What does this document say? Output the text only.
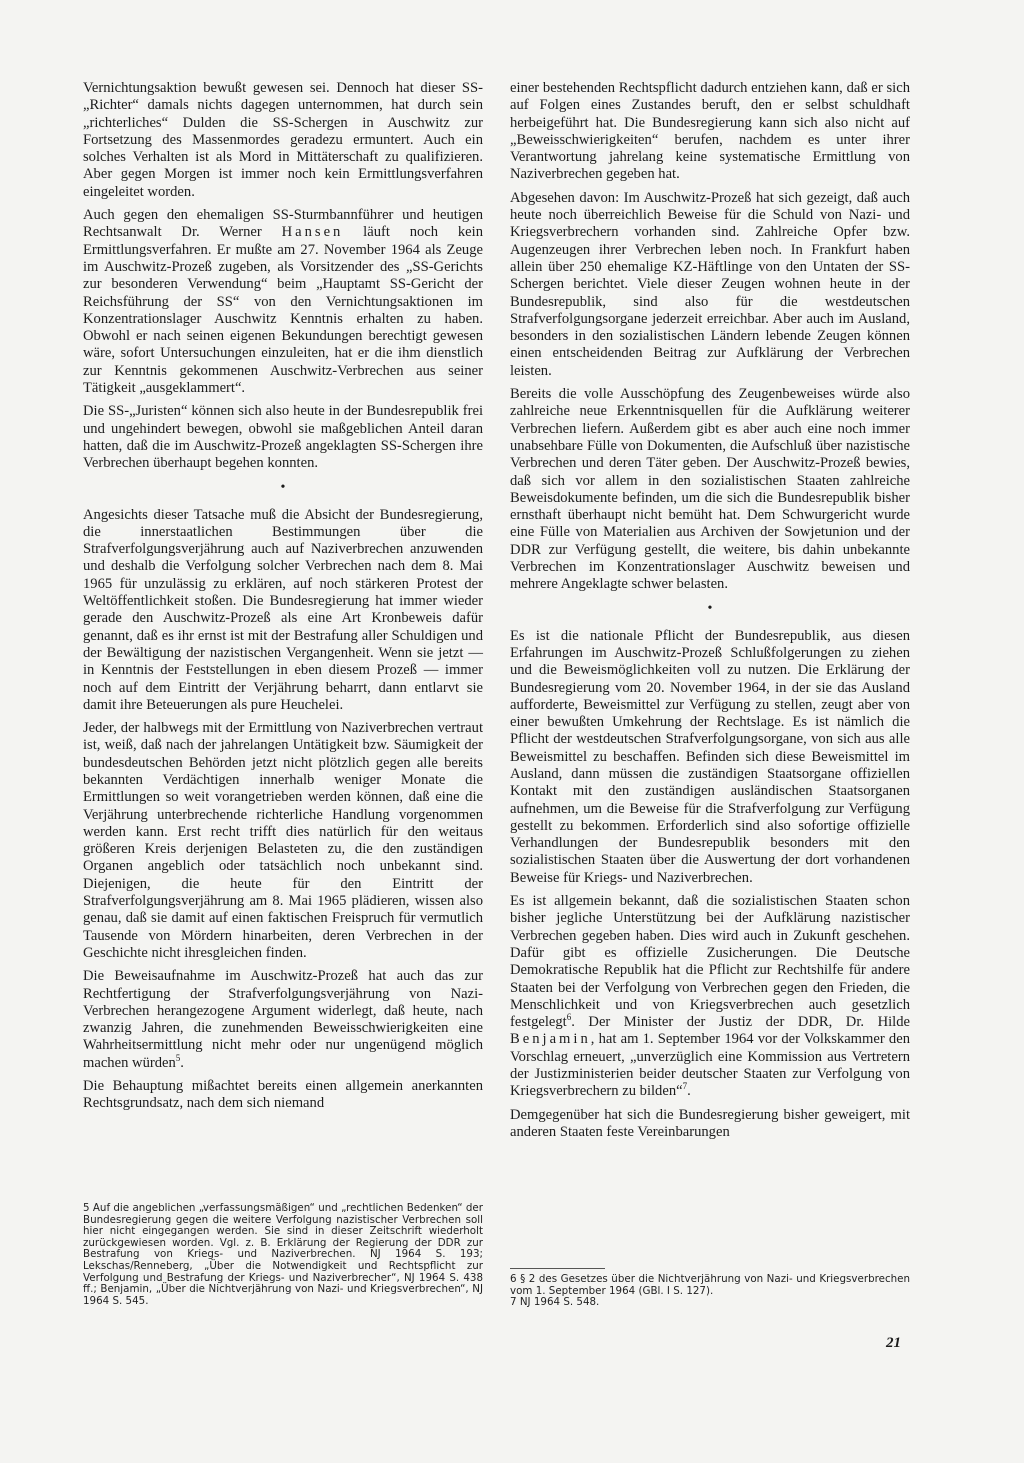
Vernichtungsaktion bewußt gewesen sei. Dennoch hat dieser SS-„Richter“ damals nichts dagegen unternommen, hat durch sein „richterliches“ Dulden die SS-Schergen in Auschwitz zur Fortsetzung des Massenmordes geradezu ermuntert. Auch ein solches Verhalten ist als Mord in Mittäterschaft zu qualifizieren. Aber gegen Morgen ist immer noch kein Ermittlungsverfahren eingeleitet worden.

Auch gegen den ehemaligen SS-Sturmbannführer und heutigen Rechtsanwalt Dr. Werner Hansen läuft noch kein Ermittlungsverfahren. Er mußte am 27. November 1964 als Zeuge im Auschwitz-Prozeß zugeben, als Vorsitzender des „SS-Gerichts zur besonderen Verwendung“ beim „Hauptamt SS-Gericht der Reichsführung der SS“ von den Vernichtungsaktionen im Konzentrationslager Auschwitz Kenntnis erhalten zu haben. Obwohl er nach seinen eigenen Bekundungen berechtigt gewesen wäre, sofort Untersuchungen einzuleiten, hat er die ihm dienstlich zur Kenntnis gekommenen Auschwitz-Verbrechen aus seiner Tätigkeit „ausgeklammert“.

Die SS-„Juristen“ können sich also heute in der Bundesrepublik frei und ungehindert bewegen, obwohl sie maßgeblichen Anteil daran hatten, daß die im Auschwitz-Prozeß angeklagten SS-Schergen ihre Verbrechen überhaupt begehen konnten.

•

Angesichts dieser Tatsache muß die Absicht der Bundesregierung, die innerstaatlichen Bestimmungen über die Strafverfolgungsverjährung auch auf Naziverbrechen anzuwenden und deshalb die Verfolgung solcher Verbrechen nach dem 8. Mai 1965 für unzulässig zu erklären, auf noch stärkeren Protest der Weltöffentlichkeit stoßen. Die Bundesregierung hat immer wieder gerade den Auschwitz-Prozeß als eine Art Kronbeweis dafür genannt, daß es ihr ernst ist mit der Bestrafung aller Schuldigen und der Bewältigung der nazistischen Vergangenheit. Wenn sie jetzt — in Kenntnis der Feststellungen in eben diesem Prozeß — immer noch auf dem Eintritt der Verjährung beharrt, dann entlarvt sie damit ihre Beteuerungen als pure Heuchelei.

Jeder, der halbwegs mit der Ermittlung von Naziverbrechen vertraut ist, weiß, daß nach der jahrelangen Untätigkeit bzw. Säumigkeit der bundesdeutschen Behörden jetzt nicht plötzlich gegen alle bereits bekannten Verdächtigen innerhalb weniger Monate die Ermittlungen so weit vorangetrieben werden können, daß eine die Verjährung unterbrechende richterliche Handlung vorgenommen werden kann. Erst recht trifft dies natürlich für den weitaus größeren Kreis derjenigen Belasteten zu, die den zuständigen Organen angeblich oder tatsächlich noch unbekannt sind. Diejenigen, die heute für den Eintritt der Strafverfolgungsverjährung am 8. Mai 1965 plädieren, wissen also genau, daß sie damit auf einen faktischen Freispruch für vermutlich Tausende von Mördern hinarbeiten, deren Verbrechen in der Geschichte nicht ihresgleichen finden.

Die Beweisaufnahme im Auschwitz-Prozeß hat auch das zur Rechtfertigung der Strafverfolgungsverjährung von Nazi-Verbrechen herangezogene Argument widerlegt, daß heute, nach zwanzig Jahren, die zunehmenden Beweisschwierigkeiten eine Wahrheitsermittlung nicht mehr oder nur ungenügend möglich machen würden$^5$.

Die Behauptung mißachtet bereits einen allgemein anerkannten Rechtsgrundsatz, nach dem sich niemand

5 Auf die angeblichen „verfassungsmäßigen“ und „rechtlichen Bedenken“ der Bundesregierung gegen die weitere Verfolgung nazistischer Verbrechen soll hier nicht eingegangen werden. Sie sind in dieser Zeitschrift wiederholt zurückgewiesen worden. Vgl. z. B. Erklärung der Regierung der DDR zur Bestrafung von Kriegs- und Naziverbrechen. NJ 1964 S. 193; Lekschas/Renneberg, „Über die Notwendigkeit und Rechtspflicht zur Verfolgung und Bestrafung der Kriegs- und Naziverbrecher“, NJ 1964 S. 438 ff.; Benjamin, „Über die Nichtverjährung von Nazi- und Kriegsverbrechen“, NJ 1964 S. 545.

einer bestehenden Rechtspflicht dadurch entziehen kann, daß er sich auf Folgen eines Zustandes beruft, den er selbst schuldhaft herbeigeführt hat. Die Bundesregierung kann sich also nicht auf „Beweisschwierigkeiten“ berufen, nachdem es unter ihrer Verantwortung jahrelang keine systematische Ermittlung von Naziverbrechen gegeben hat.

Abgesehen davon: Im Auschwitz-Prozeß hat sich gezeigt, daß auch heute noch überreichlich Beweise für die Schuld von Nazi- und Kriegsverbrechern vorhanden sind. Zahlreiche Opfer bzw. Augenzeugen ihrer Verbrechen leben noch. In Frankfurt haben allein über 250 ehemalige KZ-Häftlinge von den Untaten der SS-Schergen berichtet. Viele dieser Zeugen wohnen heute in der Bundesrepublik, sind also für die westdeutschen Strafverfolgungsorgane jederzeit erreichbar. Aber auch im Ausland, besonders in den sozialistischen Ländern lebende Zeugen können einen entscheidenden Beitrag zur Aufklärung der Verbrechen leisten.

Bereits die volle Ausschöpfung des Zeugenbeweises würde also zahlreiche neue Erkenntnisquellen für die Aufklärung weiterer Verbrechen liefern. Außerdem gibt es aber auch eine noch immer unabsehbare Fülle von Dokumenten, die Aufschluß über nazistische Verbrechen und deren Täter geben. Der Auschwitz-Prozeß bewies, daß sich vor allem in den sozialistischen Staaten zahlreiche Beweisdokumente befinden, um die sich die Bundesrepublik bisher ernsthaft überhaupt nicht bemüht hat. Dem Schwurgericht wurde eine Fülle von Materialien aus Archiven der Sowjetunion und der DDR zur Verfügung gestellt, die weitere, bis dahin unbekannte Verbrechen im Konzentrationslager Auschwitz beweisen und mehrere Angeklagte schwer belasten.

•

Es ist die nationale Pflicht der Bundesrepublik, aus diesen Erfahrungen im Auschwitz-Prozeß Schlußfolgerungen zu ziehen und die Beweismöglichkeiten voll zu nutzen. Die Erklärung der Bundesregierung vom 20. November 1964, in der sie das Ausland aufforderte, Beweismittel zur Verfügung zu stellen, zeugt aber von einer bewußten Umkehrung der Rechtslage. Es ist nämlich die Pflicht der westdeutschen Strafverfolgungsorgane, von sich aus alle Beweismittel zu beschaffen. Befinden sich diese Beweismittel im Ausland, dann müssen die zuständigen Staatsorgane offiziellen Kontakt mit den zuständigen ausländischen Staatsorganen aufnehmen, um die Beweise für die Strafverfolgung zur Verfügung gestellt zu bekommen. Erforderlich sind also sofortige offizielle Verhandlungen der Bundesrepublik besonders mit den sozialistischen Staaten über die Auswertung der dort vorhandenen Beweise für Kriegs- und Naziverbrechen.

Es ist allgemein bekannt, daß die sozialistischen Staaten schon bisher jegliche Unterstützung bei der Aufklärung nazistischer Verbrechen gegeben haben. Dies wird auch in Zukunft geschehen. Dafür gibt es offizielle Zusicherungen. Die Deutsche Demokratische Republik hat die Pflicht zur Rechtshilfe für andere Staaten bei der Verfolgung von Verbrechen gegen den Frieden, die Menschlichkeit und von Kriegsverbrechen auch gesetzlich festgelegt$^6$. Der Minister der Justiz der DDR, Dr. Hilde Benjamin, hat am 1. September 1964 vor der Volkskammer den Vorschlag erneuert, „unverzüglich eine Kommission aus Vertretern der Justizministerien beider deutscher Staaten zur Verfolgung von Kriegsverbrechern zu bilden“$^7$.

Demgegenüber hat sich die Bundesregierung bisher geweigert, mit anderen Staaten feste Vereinbarungen

6 § 2 des Gesetzes über die Nichtverjährung von Nazi- und Kriegsverbrechen vom 1. September 1964 (GBl. I S. 127).

7 NJ 1964 S. 548.

21
